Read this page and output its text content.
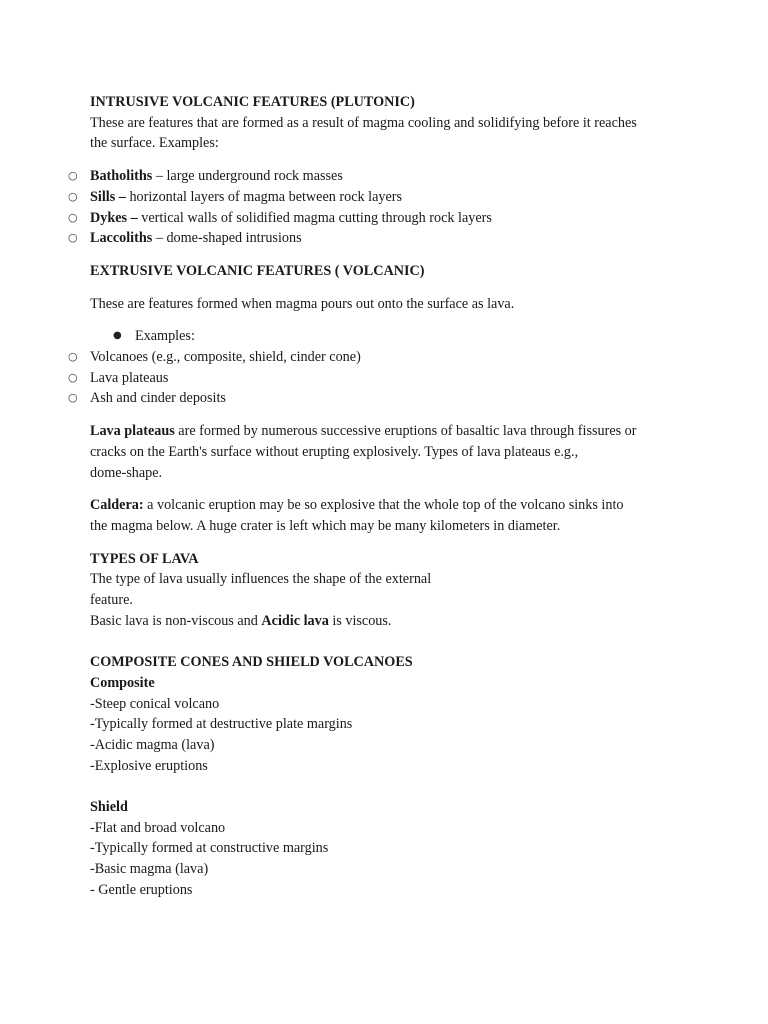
INTRUSIVE VOLCANIC FEATURES (PLUTONIC)

These are features that are formed as a result of magma cooling and solidifying before it reaches

the surface. Examples:

○ Batholiths – large underground rock masses
○ Sills – horizontal layers of magma between rock layers
○ Dykes – vertical walls of solidified magma cutting through rock layers
○ Laccoliths – dome-shaped intrusions

EXTRUSIVE VOLCANIC FEATURES ( VOLCANIC)

These are features formed when magma pours out onto the surface as lava.

● Examples:
○ Volcanoes (e.g., composite, shield, cinder cone)
○ Lava plateaus
○ Ash and cinder deposits

Lava plateaus are formed by numerous successive eruptions of basaltic lava through fissures or

cracks on the Earth's surface without erupting explosively. Types of lava plateaus e.g.,

dome-shape.

Caldera: a volcanic eruption may be so explosive that the whole top of the volcano sinks into

the magma below. A huge crater is left which may be many kilometers in diameter.

TYPES OF LAVA

The type of lava usually influences the shape of the external

feature.

Basic lava is non-viscous and Acidic lava is viscous.

COMPOSITE CONES AND SHIELD VOLCANOES

Composite

-Steep conical volcano

-Typically formed at destructive plate margins

-Acidic magma (lava)

-Explosive eruptions

Shield

-Flat and broad volcano

-Typically formed at constructive margins

-Basic magma (lava)

- Gentle eruptions
